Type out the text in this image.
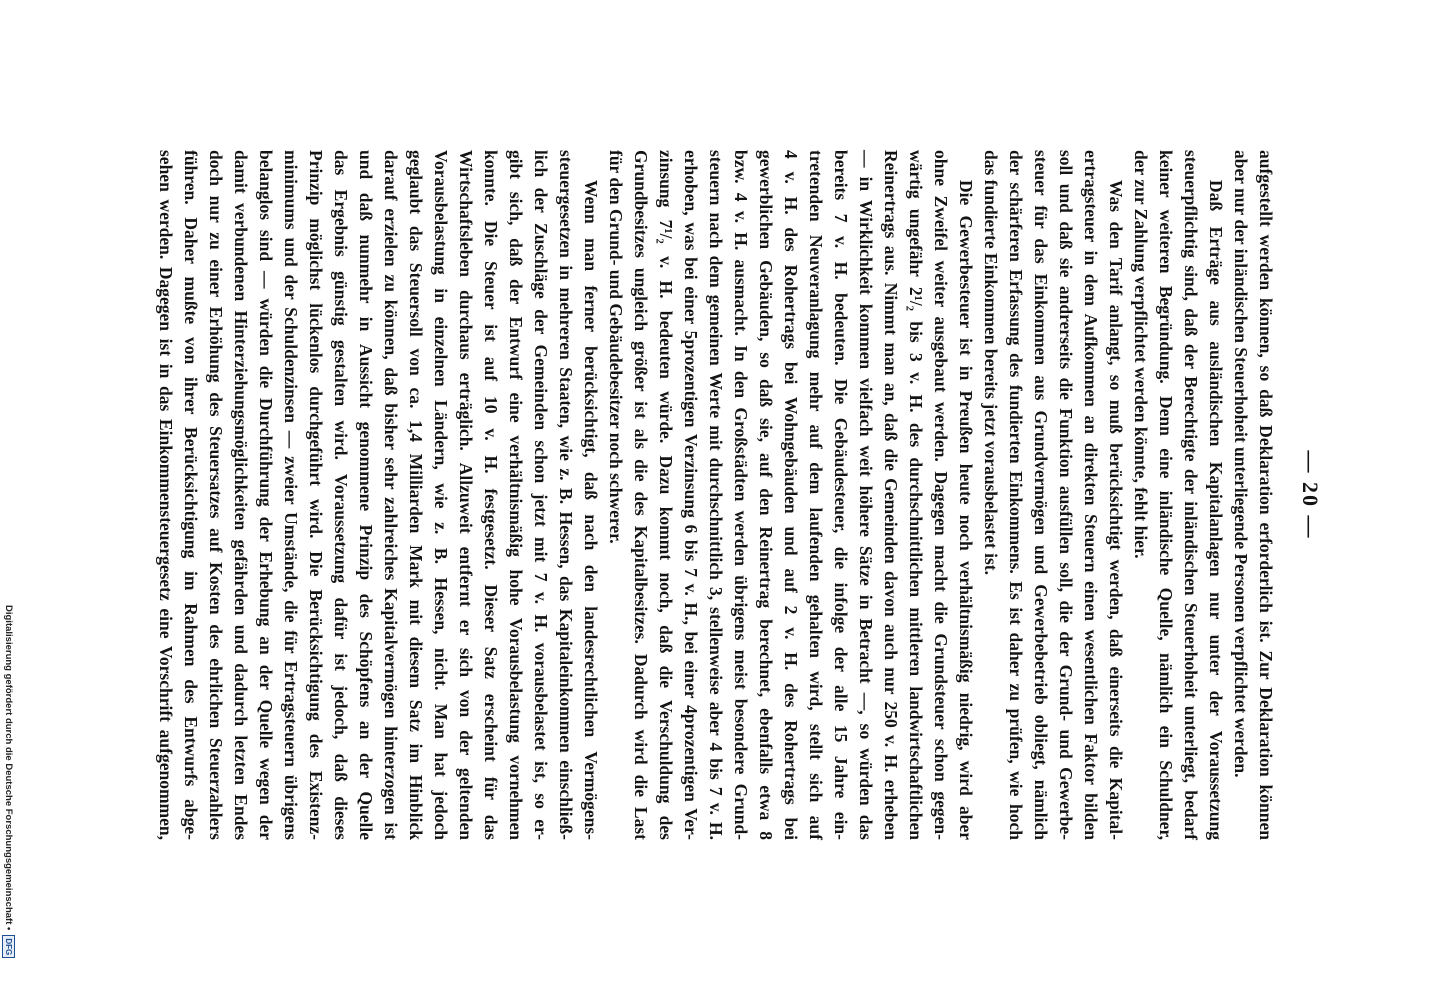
— 20 —
aufgestellt werden können, so daß Deklaration erforderlich ist. Zur Deklaration können
aber nur der inländischen Steuerhoheit unterliegende Personen verpflichtet werden.
Daß Erträge aus ausländischen Kapitalanlagen nur unter der Voraussetzung
steuerpflichtig sind, daß der Berechtigte der inländischen Steuerhoheit unterliegt, bedarf
keiner weiteren Begründung. Denn eine inländische Quelle, nämlich ein Schuldner,
der zur Zahlung verpflichtet werden könnte, fehlt hier.
Was den Tarif anlangt, so muß berücksichtigt werden, daß einerseits die Kapital-
ertragsteuer in dem Aufkommen an direkten Steuern einen wesentlichen Faktor bilden
soll und daß sie andrerseits die Funktion ausfüllen soll, die der Grund- und Gewerbe-
steuer für das Einkommen aus Grundvermögen und Gewerbebetrieb obliegt, nämlich
der schärferen Erfassung des fundierten Einkommens. Es ist daher zu prüfen, wie hoch
das fundierte Einkommen bereits jetzt vorausbelastet ist.
Die Gewerbesteuer ist in Preußen heute noch verhältnismäßig niedrig, wird aber
ohne Zweifel weiter ausgebaut werden. Dagegen macht die Grundsteuer schon gegen-
wärtig ungefähr 2¹/₂ bis 3 v. H. des durchschnittlichen mittleren landwirtschaftlichen
Reinertrags aus. Nimmt man an, daß die Gemeinden davon auch nur 250 v. H. erheben
— in Wirklichkeit kommen vielfach weit höhere Sätze in Betracht —, so würden das
bereits 7 v. H. bedeuten. Die Gebäudesteuer, die infolge der alle 15 Jahre ein-
tretenden Neuveranlagung mehr auf dem laufenden gehalten wird, stellt sich auf
4 v. H. des Rohertrags bei Wohngebäuden und auf 2 v. H. des Rohertrags bei
gewerblichen Gebäuden, so daß sie, auf den Reinertrag berechnet, ebenfalls etwa 8
bzw. 4 v. H. ausmacht. In den Großstädten werden übrigens meist besondere Grund-
steuern nach dem gemeinen Werte mit durchschnittlich 3, stellenweise aber 4 bis 7 v. H.
erhoben, was bei einer 5prozentigen Verzinsung 6 bis 7 v. H., bei einer 4prozentigen Ver-
zinsung 7¹/₂ v. H. bedeuten würde. Dazu kommt noch, daß die Verschuldung des
Grundbesitzes ungleich größer ist als die des Kapitalbesitzes. Dadurch wird die Last
für den Grund- und Gebäudebesitzer noch schwerer.
Wenn man ferner berücksichtigt, daß nach den landesrechtlichen Vermögens-
steuergesetzen in mehreren Staaten, wie z. B. Hessen, das Kapitaleinkommen einschließ-
lich der Zuschläge der Gemeinden schon jetzt mit 7 v. H. vorausbelastet ist, so er-
gibt sich, daß der Entwurf eine verhältnismäßig hohe Vorausbelastung vornehmen
konnte. Die Steuer ist auf 10 v. H. festgesetzt. Dieser Satz erscheint für das
Wirtschaftsleben durchaus erträglich. Allzuweit entfernt er sich von der geltenden
Vorausbelastung in einzelnen Ländern, wie z. B. Hessen, nicht. Man hat jedoch
geglaubt das Steuersoll von ca. 1,4 Milliarden Mark mit diesem Satz im Hinblick
darauf erzielen zu können, daß bisher sehr zahlreiches Kapitalvermögen hinterzogen ist
und daß nunmehr in Aussicht genommene Prinzip des Schöpfens an der Quelle
das Ergebnis günstig gestalten wird. Voraussetzung dafür ist jedoch, daß dieses
Prinzip möglichst lückenlos durchgeführt wird. Die Berücksichtigung des Existenz-
minimums und der Schuldenzinsen — zweier Umstände, die für Ertragsteuern übrigens
belanglos sind — würden die Durchführung der Erhebung an der Quelle wegen der
damit verbundenen Hinterziehungsmöglichkeiten gefährden und dadurch letzten Endes
doch nur zu einer Erhöhung des Steuersatzes auf Kosten des ehrlichen Steuerzahlers
führen. Daher mußte von ihrer Berücksichtigung im Rahmen des Entwurfs abge-
sehen werden. Dagegen ist in das Einkommensteuergesetz eine Vorschrift aufgenommen,
Digitalisierung gefördert durch die Deutsche Forschungsgemeinschaft •
DFG
